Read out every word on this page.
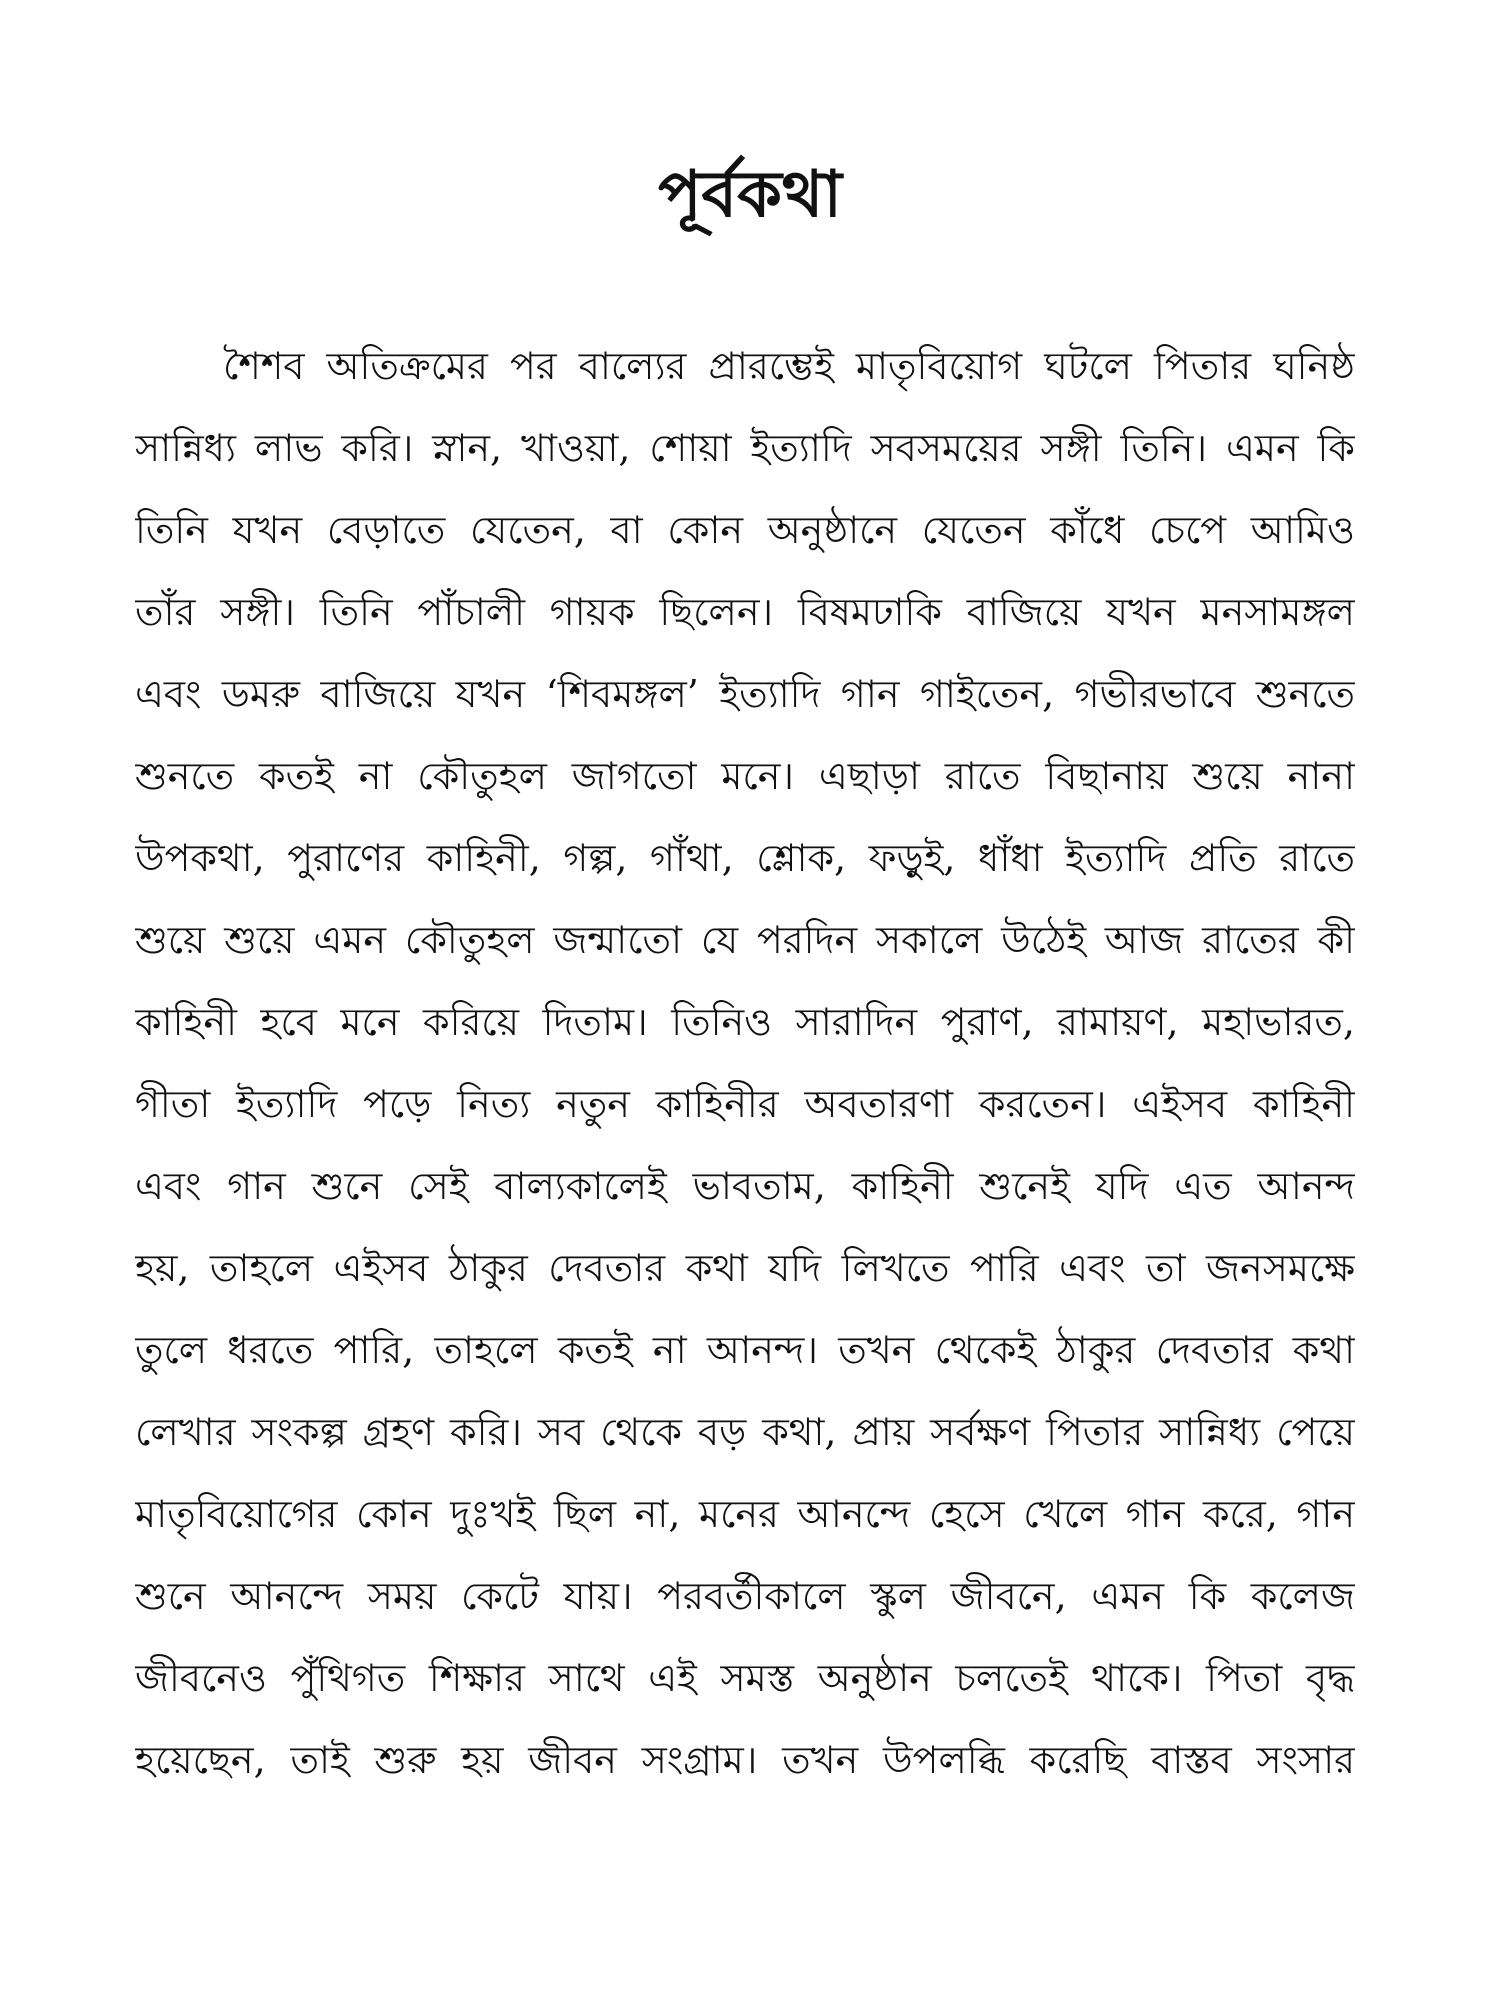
পূর্বকথা
শৈশব অতিক্রমের পর বাল্যের প্রারম্ভেই মাতৃবিয়োগ ঘটলে পিতার ঘনিষ্ঠ
সান্নিধ্য লাভ করি। স্নান, খাওয়া, শোয়া ইত্যাদি সবসময়ের সঙ্গী তিনি। এমন কি
তিনি যখন বেড়াতে যেতেন, বা কোন অনুষ্ঠানে যেতেন কাঁধে চেপে আমিও
তাঁর সঙ্গী। তিনি পাঁচালী গায়ক ছিলেন। বিষমঢাকি বাজিয়ে যখন মনসামঙ্গল
এবং ডমরু বাজিয়ে যখন ‘শিবমঙ্গল’ ইত্যাদি গান গাইতেন, গভীরভাবে শুনতে
শুনতে কতই না কৌতুহল জাগতো মনে। এছাড়া রাতে বিছানায় শুয়ে নানা
উপকথা, পুরাণের কাহিনী, গল্প, গাঁথা, শ্লোক, ফড়ুই, ধাঁধা ইত্যাদি প্রতি রাতে
শুয়ে শুয়ে এমন কৌতুহল জন্মাতো যে পরদিন সকালে উঠেই আজ রাতের কী
কাহিনী হবে মনে করিয়ে দিতাম। তিনিও সারাদিন পুরাণ, রামায়ণ, মহাভারত,
গীতা ইত্যাদি পড়ে নিত্য নতুন কাহিনীর অবতারণা করতেন। এইসব কাহিনী
এবং গান শুনে সেই বাল্যকালেই ভাবতাম, কাহিনী শুনেই যদি এত আনন্দ
হয়, তাহলে এইসব ঠাকুর দেবতার কথা যদি লিখতে পারি এবং তা জনসমক্ষে
তুলে ধরতে পারি, তাহলে কতই না আনন্দ। তখন থেকেই ঠাকুর দেবতার কথা
লেখার সংকল্প গ্রহণ করি। সব থেকে বড় কথা, প্রায় সর্বক্ষণ পিতার সান্নিধ্য পেয়ে
মাতৃবিয়োগের কোন দুঃখই ছিল না, মনের আনন্দে হেসে খেলে গান করে, গান
শুনে আনন্দে সময় কেটে যায়। পরবর্তীকালে স্কুল জীবনে, এমন কি কলেজ
জীবনেও পুঁথিগত শিক্ষার সাথে এই সমস্ত অনুষ্ঠান চলতেই থাকে। পিতা বৃদ্ধ
হয়েছেন, তাই শুরু হয় জীবন সংগ্রাম। তখন উপলব্ধি করেছি বাস্তব সংসার
